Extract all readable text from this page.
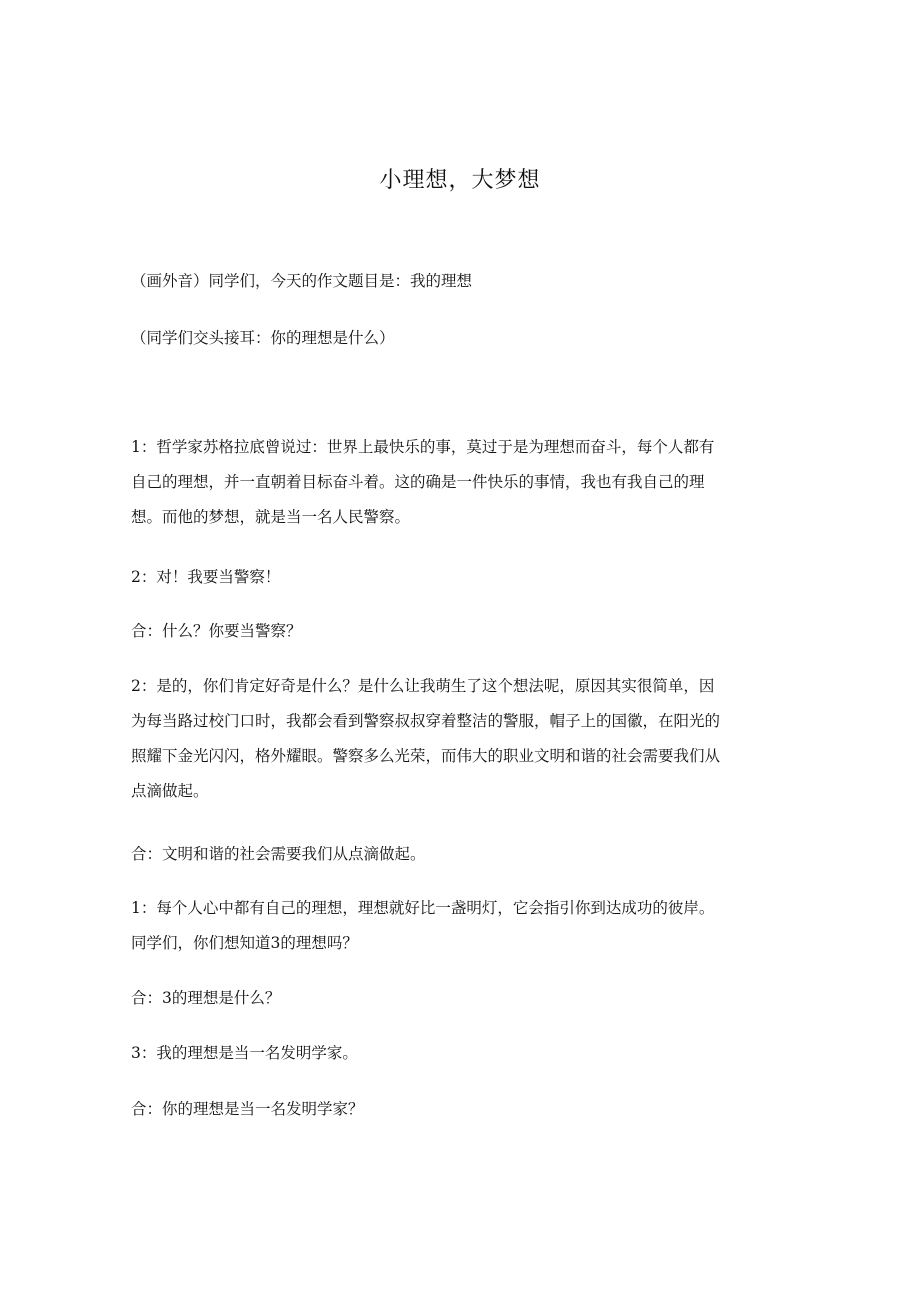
小理想，大梦想

（画外音）同学们，今天的作文题目是：我的理想

（同学们交头接耳：你的理想是什么）

1：哲学家苏格拉底曾说过：世界上最快乐的事，莫过于是为理想而奋斗，每个人都有
自己的理想，并一直朝着目标奋斗着。这的确是一件快乐的事情，我也有我自己的理
想。而他的梦想，就是当一名人民警察。

2：对！我要当警察！

合：什么？你要当警察？

2：是的，你们肯定好奇是什么？是什么让我萌生了这个想法呢，原因其实很简单，因
为每当路过校门口时，我都会看到警察叔叔穿着整洁的警服，帽子上的国徽，在阳光的
照耀下金光闪闪，格外耀眼。警察多么光荣，而伟大的职业文明和谐的社会需要我们从
点滴做起。

合：文明和谐的社会需要我们从点滴做起。

1：每个人心中都有自己的理想，理想就好比一盏明灯，它会指引你到达成功的彼岸。
同学们，你们想知道3的理想吗？

合：3的理想是什么？

3：我的理想是当一名发明学家。

合：你的理想是当一名发明学家？
